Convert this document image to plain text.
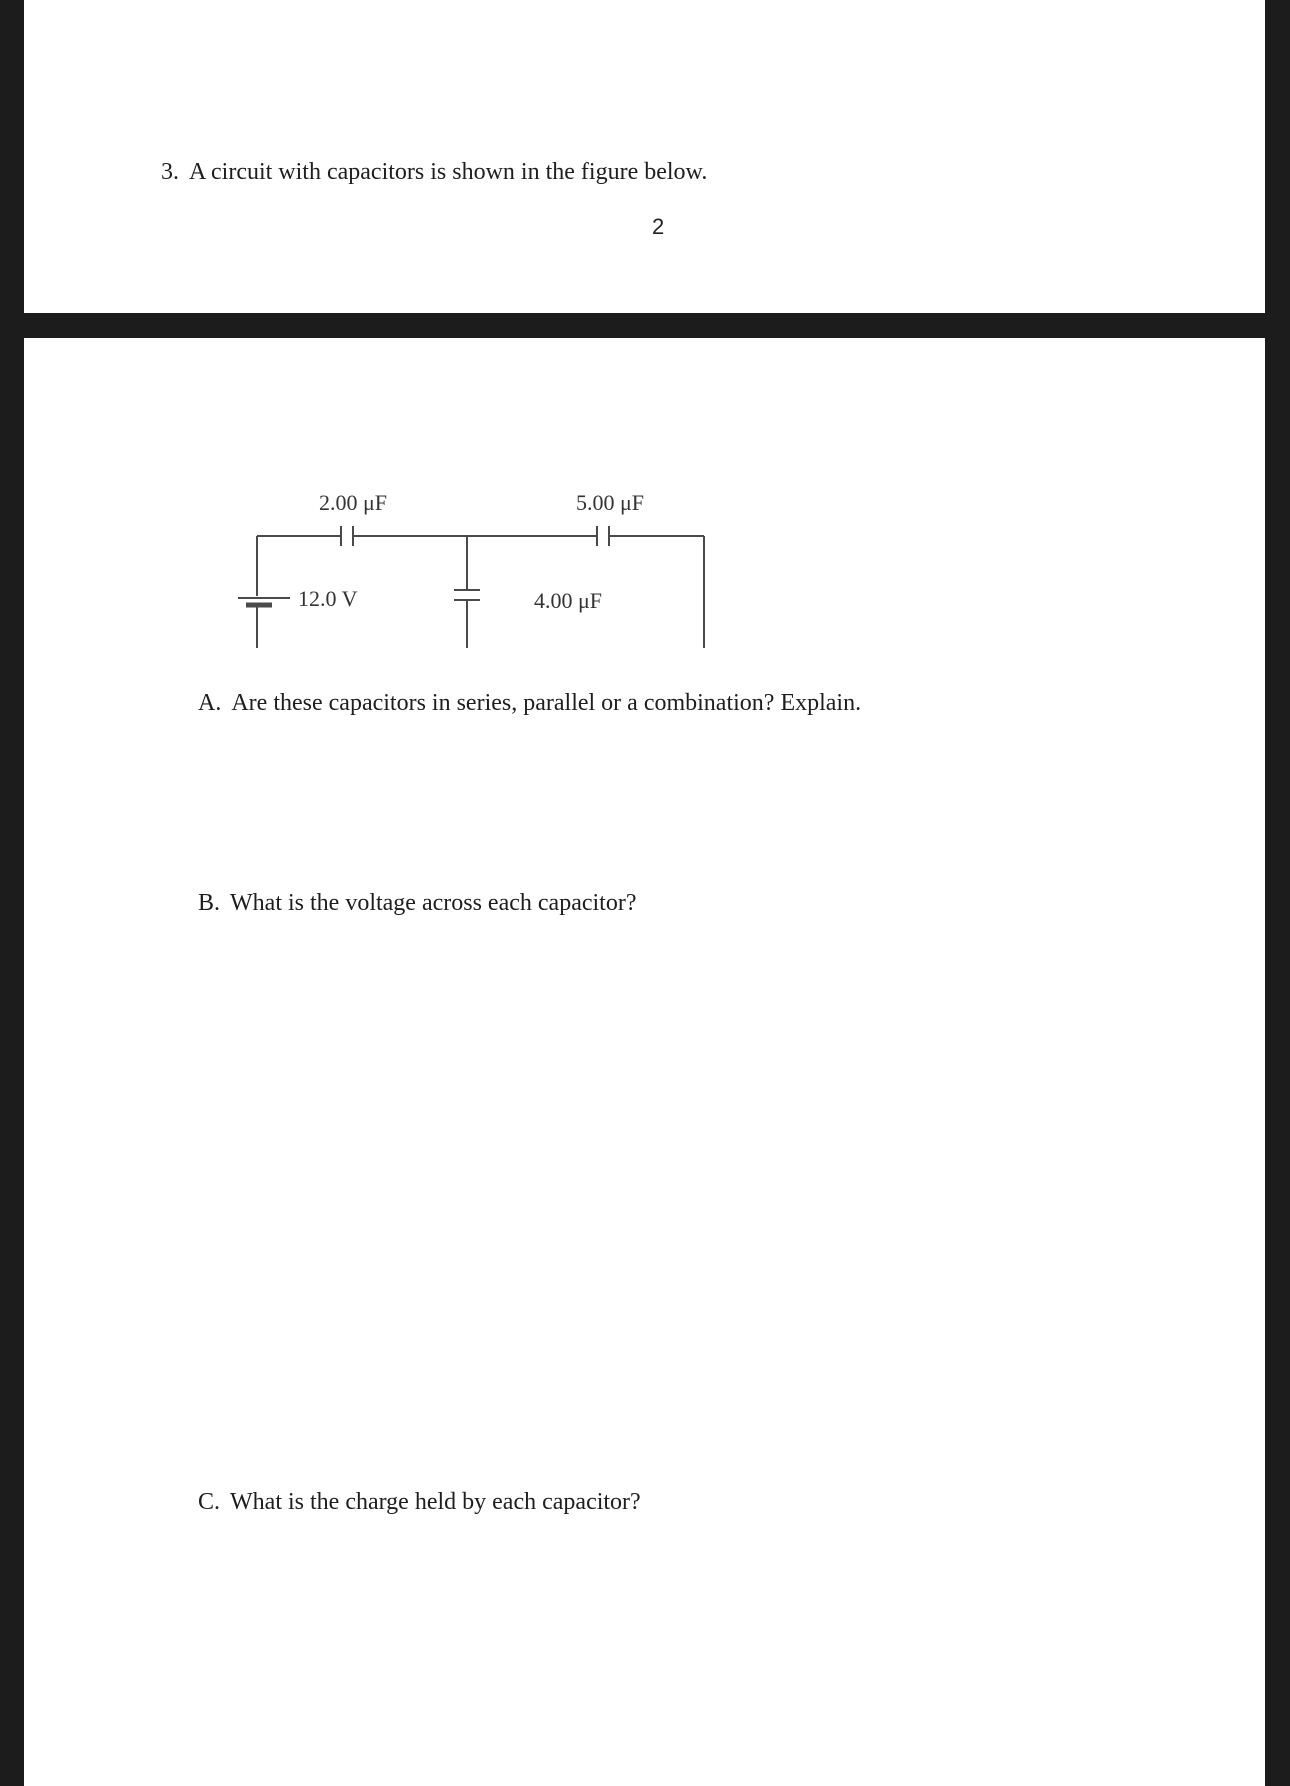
3. A circuit with capacitors is shown in the figure below.
2
2.00 μF	5.00 μF
4.00 μF
12.0 V
A. Are these capacitors in series, parallel or a combination? Explain.
B. What is the voltage across each capacitor?
C. What is the charge held by each capacitor?
